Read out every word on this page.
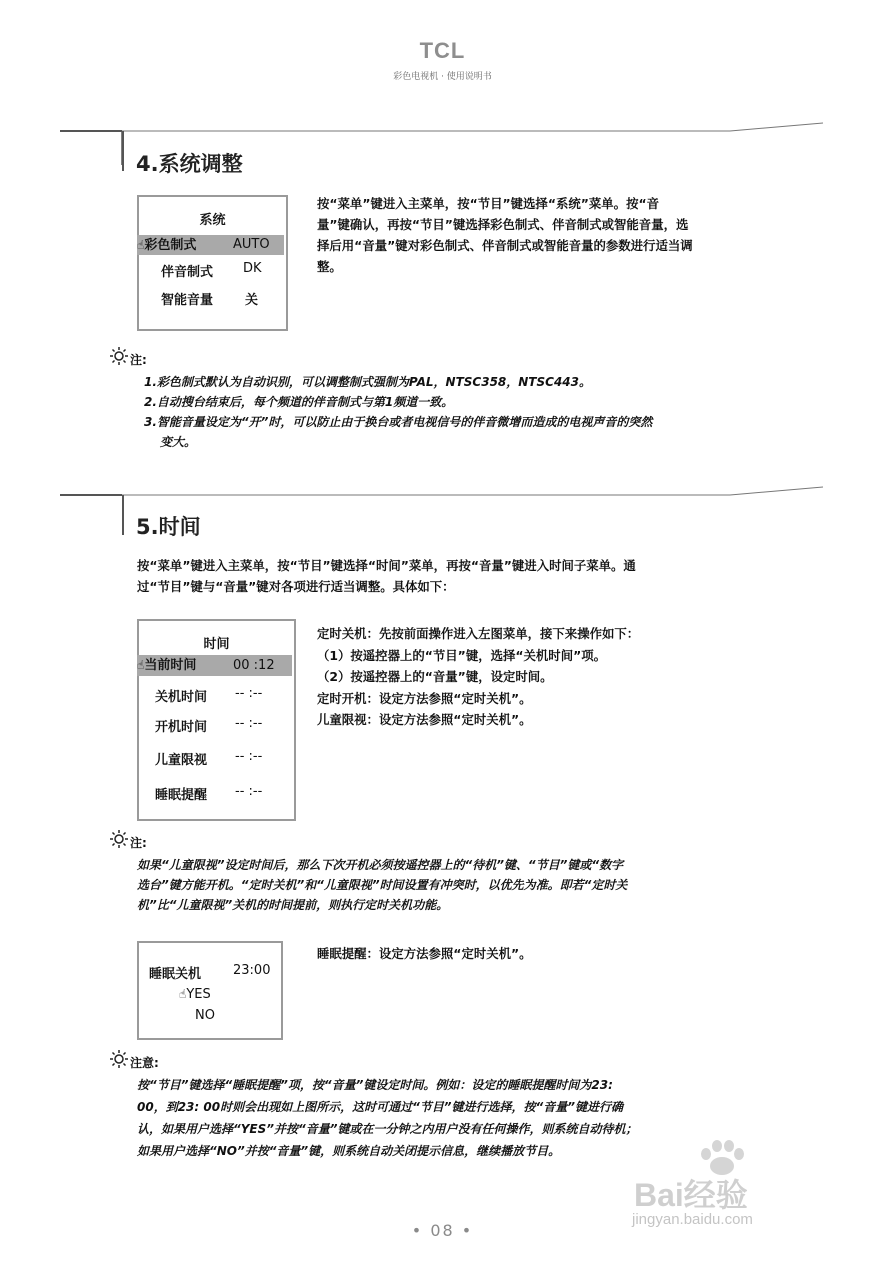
TCL
彩色电视机 · 使用说明书
4.系统调整
系统
☝彩色制式	AUTO
伴音制式 DK
智能音量 关
按“菜单”键进入主菜单，按“节目”键选择“系统”菜单。按“音
量”键确认，再按“节目”键选择彩色制式、伴音制式或智能音量，选
择后用“音量”键对彩色制式、伴音制式或智能音量的参数进行适当调
整。
注:
1.彩色制式默认为自动识别，可以调整制式强制为PAL，NTSC358，NTSC443。
2.自动搜台结束后，每个频道的伴音制式与第1频道一致。
3.智能音量设定为“开”时，可以防止由于换台或者电视信号的伴音微增而造成的电视声音的突然
变大。
5.时间
按“菜单”键进入主菜单，按“节目”键选择“时间”菜单，再按“音量”键进入时间子菜单。通
过“节目”键与“音量”键对各项进行适当调整。具体如下：
时间
☝当前时间	00 :12
关机时间 -- :--
开机时间 -- :--
儿童限视 -- :--
睡眠提醒 -- :--
定时关机：先按前面操作进入左图菜单，接下来操作如下：
（1）按遥控器上的“节目”键，选择“关机时间”项。
（2）按遥控器上的“音量”键，设定时间。
定时开机：设定方法参照“定时关机”。
儿童限视：设定方法参照“定时关机”。
注:
如果“儿童限视”设定时间后，那么下次开机必须按遥控器上的“待机”键、“节目”键或“数字
选台”键方能开机。“定时关机”和“儿童限视”时间设置有冲突时，以优先为准。即若“定时关
机”比“儿童限视”关机的时间提前，则执行定时关机功能。
睡眠关机 23:00
☝YES
NO
睡眠提醒：设定方法参照“定时关机”。
注意:
按“节目”键选择“睡眠提醒”项，按“音量”键设定时间。例如：设定的睡眠提醒时间为23:
00，到23: 00时则会出现如上图所示，这时可通过“节目”键进行选择，按“音量”键进行确
认，如果用户选择“YES”并按“音量”键或在一分钟之内用户没有任何操作，则系统自动待机；
如果用户选择“NO”并按“音量”键，则系统自动关闭提示信息，继续播放节目。
Bai经验
jingyan.baidu.com
• 08 •
